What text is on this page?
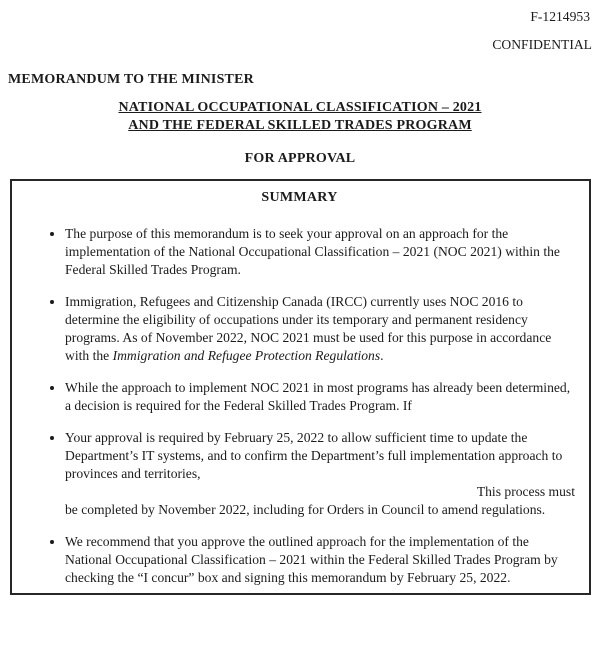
F-1214953
CONFIDENTIAL
MEMORANDUM TO THE MINISTER
NATIONAL OCCUPATIONAL CLASSIFICATION – 2021
AND THE FEDERAL SKILLED TRADES PROGRAM
FOR APPROVAL
SUMMARY
• The purpose of this memorandum is to seek your approval on an approach for the implementation of the National Occupational Classification – 2021 (NOC 2021) within the Federal Skilled Trades Program.
• Immigration, Refugees and Citizenship Canada (IRCC) currently uses NOC 2016 to determine the eligibility of occupations under its temporary and permanent residency programs. As of November 2022, NOC 2021 must be used for this purpose in accordance with the Immigration and Refugee Protection Regulations.
• While the approach to implement NOC 2021 in most programs has already been determined, a decision is required for the Federal Skilled Trades Program. If
• Your approval is required by February 25, 2022 to allow sufficient time to update the Department’s IT systems, and to confirm the Department’s full implementation approach to provinces and territories,
This process must
be completed by November 2022, including for Orders in Council to amend regulations.
• We recommend that you approve the outlined approach for the implementation of the National Occupational Classification – 2021 within the Federal Skilled Trades Program by checking the “I concur” box and signing this memorandum by February 25, 2022.
